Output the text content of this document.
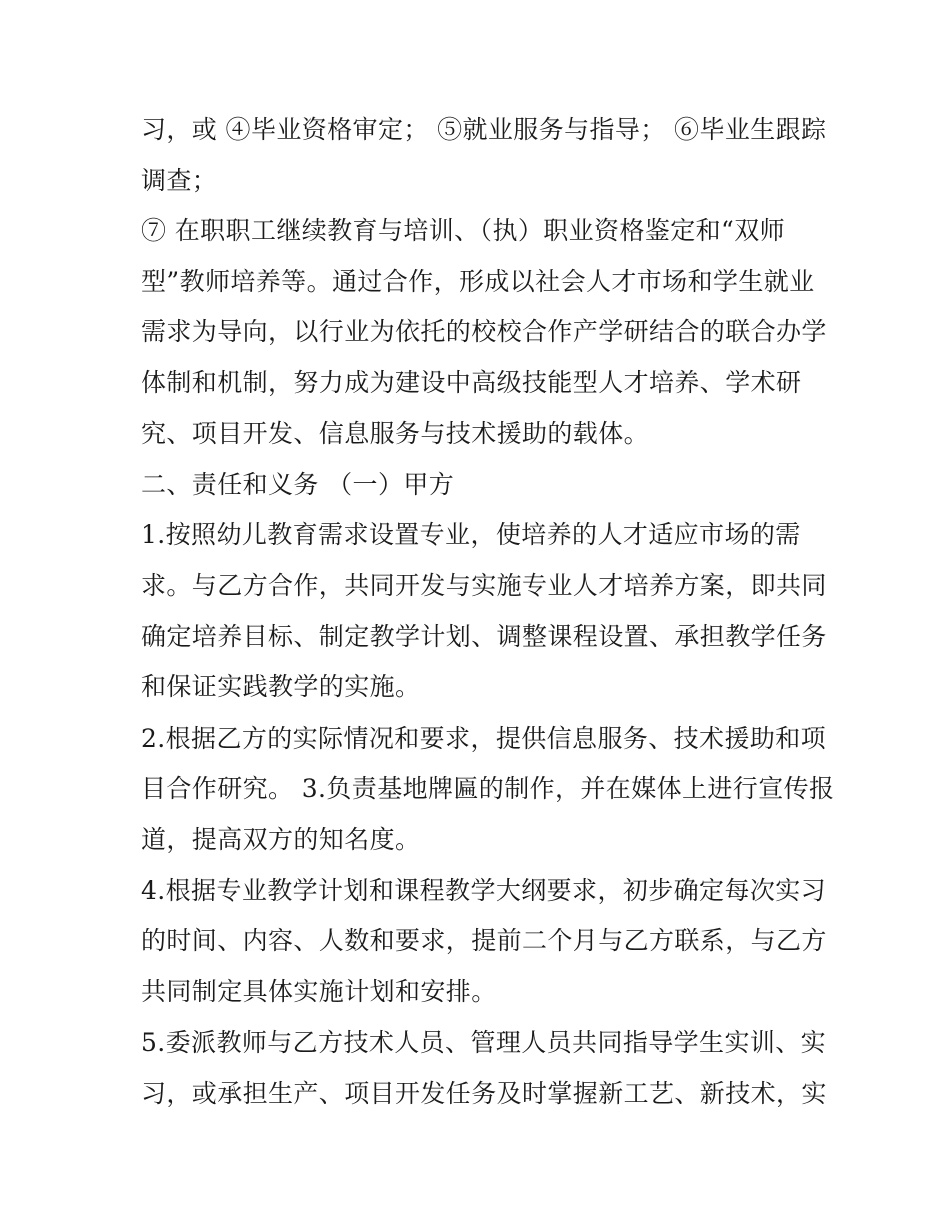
习，或 ④毕业资格审定； ⑤就业服务与指导； ⑥毕业生跟踪
调查；
⑦ 在职职工继续教育与培训、（执）职业资格鉴定和“双师
型”教师培养等。通过合作，形成以社会人才市场和学生就业
需求为导向，以行业为依托的校校合作产学研结合的联合办学
体制和机制，努力成为建设中高级技能型人才培养、学术研
究、项目开发、信息服务与技术援助的载体。
二、责任和义务 （一）甲方
1.按照幼儿教育需求设置专业，使培养的人才适应市场的需
求。与乙方合作，共同开发与实施专业人才培养方案，即共同
确定培养目标、制定教学计划、调整课程设置、承担教学任务
和保证实践教学的实施。
2.根据乙方的实际情况和要求，提供信息服务、技术援助和项
目合作研究。 3.负责基地牌匾的制作，并在媒体上进行宣传报
道，提高双方的知名度。
4.根据专业教学计划和课程教学大纲要求，初步确定每次实习
的时间、内容、人数和要求，提前二个月与乙方联系，与乙方
共同制定具体实施计划和安排。
5.委派教师与乙方技术人员、管理人员共同指导学生实训、实
习，或承担生产、项目开发任务及时掌握新工艺、新技术，实
